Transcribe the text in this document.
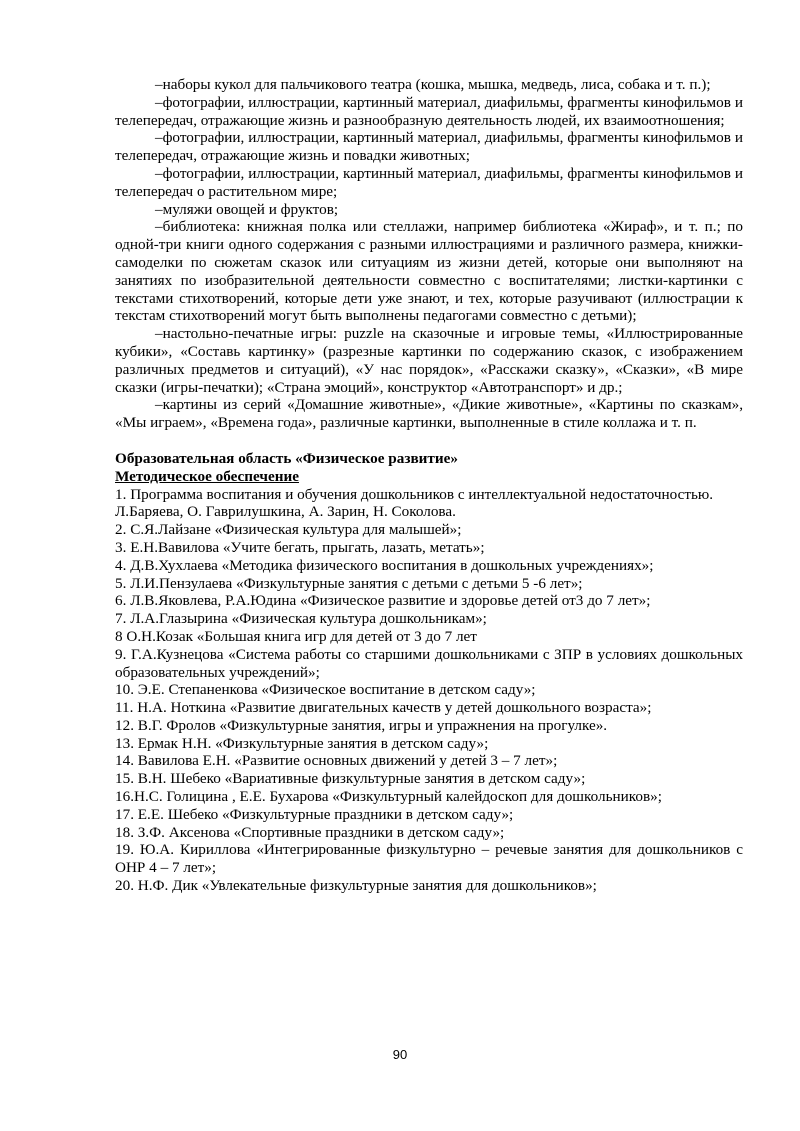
–наборы кукол для пальчикового театра (кошка, мышка, медведь, лиса, собака и т. п.);

–фотографии, иллюстрации, картинный материал, диафильмы, фрагменты кинофильмов и телепередач, отражающие жизнь и разнообразную деятельность людей, их взаимоотношения;

–фотографии, иллюстрации, картинный материал, диафильмы, фрагменты кинофильмов и телепередач, отражающие жизнь и повадки животных;

–фотографии, иллюстрации, картинный материал, диафильмы, фрагменты кинофильмов и телепередач о растительном мире;

–муляжи овощей и фруктов;

–библиотека: книжная полка или стеллажи, например библиотека «Жираф», и т. п.; по одной-три книги одного содержания с разными иллюстрациями и различного размера, книжки-самоделки по сюжетам сказок или ситуациям из жизни детей, которые они выполняют на занятиях по изобразительной деятельности совместно с воспитателями; листки-картинки с текстами стихотворений, которые дети уже знают, и тех, которые разучивают (иллюстрации к текстам стихотворений могут быть выполнены педагогами совместно с детьми);

–настольно-печатные игры: puzzle на сказочные и игровые темы, «Иллюстрированные кубики», «Составь картинку» (разрезные картинки по содержанию сказок, с изображением различных предметов и ситуаций), «У нас порядок», «Расскажи сказку», «Сказки», «В мире сказки (игры-печатки); «Страна эмоций», конструктор «Автотранспорт» и др.;

–картины из серий «Домашние животные», «Дикие животные», «Картины по сказкам», «Мы играем», «Времена года», различные картинки, выполненные в стиле коллажа и т. п.

Образовательная область «Физическое развитие»

Методическое обеспечение

1. Программа воспитания и обучения дошкольников с интеллектуальной недостаточностью.

Л.Баряева, О. Гаврилушкина, А. Зарин, Н. Соколова.

2. С.Я.Лайзане «Физическая культура для малышей»;

3. Е.Н.Вавилова «Учите бегать, прыгать, лазать, метать»;

4. Д.В.Хухлаева «Методика физического воспитания в дошкольных учреждениях»;

5. Л.И.Пензулаева «Физкультурные занятия с детьми с детьми 5 -6 лет»;

6. Л.В.Яковлева, Р.А.Юдина «Физическое развитие и здоровье детей от3 до 7 лет»;

7. Л.А.Глазырина «Физическая культура дошкольникам»;

8 О.Н.Козак «Большая книга игр для детей от 3 до 7 лет

9. Г.А.Кузнецова «Система работы со старшими дошкольниками с ЗПР в условиях дошкольных образовательных учреждений»;

10. Э.Е. Степаненкова «Физическое воспитание в детском саду»;

11. Н.А. Ноткина «Развитие двигательных качеств у детей дошкольного возраста»;

12. В.Г. Фролов «Физкультурные занятия, игры и упражнения на прогулке».

13. Ермак Н.Н. «Физкультурные занятия в детском саду»;

14. Вавилова Е.Н. «Развитие основных движений у детей 3 – 7 лет»;

15. В.Н. Шебеко «Вариативные физкультурные занятия в детском саду»;

16.Н.С. Голицина , Е.Е. Бухарова «Физкультурный калейдоскоп для дошкольников»;

17. Е.Е. Шебеко «Физкультурные праздники в детском саду»;

18. З.Ф. Аксенова «Спортивные праздники в детском саду»;

19. Ю.А. Кириллова «Интегрированные физкультурно – речевые занятия для дошкольников с ОНР 4 – 7 лет»;

20. Н.Ф. Дик «Увлекательные физкультурные занятия для дошкольников»;

90
